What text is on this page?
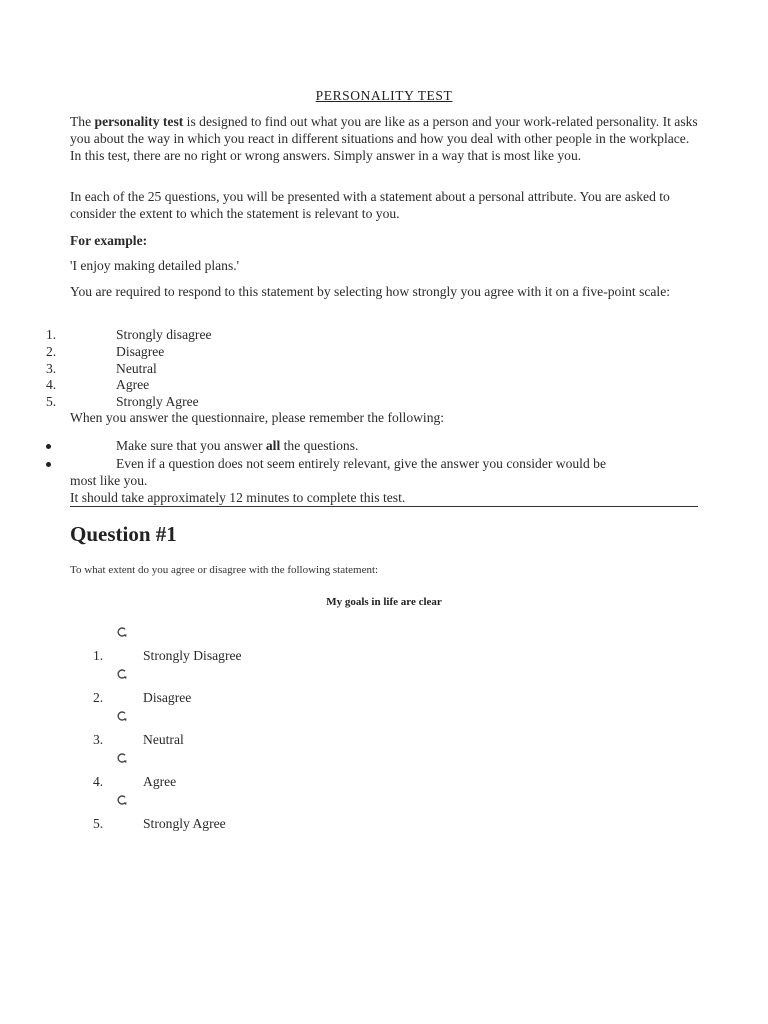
PERSONALITY TEST
The personality test is designed to find out what you are like as a person and your work-related personality. It asks you about the way in which you react in different situations and how you deal with other people in the workplace. In this test, there are no right or wrong answers. Simply answer in a way that is most like you.
In each of the 25 questions, you will be presented with a statement about a personal attribute. You are asked to consider the extent to which the statement is relevant to you.
For example:
'I enjoy making detailed plans.'
You are required to respond to this statement by selecting how strongly you agree with it on a five-point scale:
1.	Strongly disagree
2.	Disagree
3.	Neutral
4.	Agree
5.	Strongly Agree
When you answer the questionnaire, please remember the following:
Make sure that you answer all the questions.
Even if a question does not seem entirely relevant, give the answer you consider would be
most like you.
It should take approximately 12 minutes to complete this test.
Question #1
To what extent do you agree or disagree with the following statement:
My goals in life are clear
1.	Strongly Disagree
2.	Disagree
3.	Neutral
4.	Agree
5.	Strongly Agree
